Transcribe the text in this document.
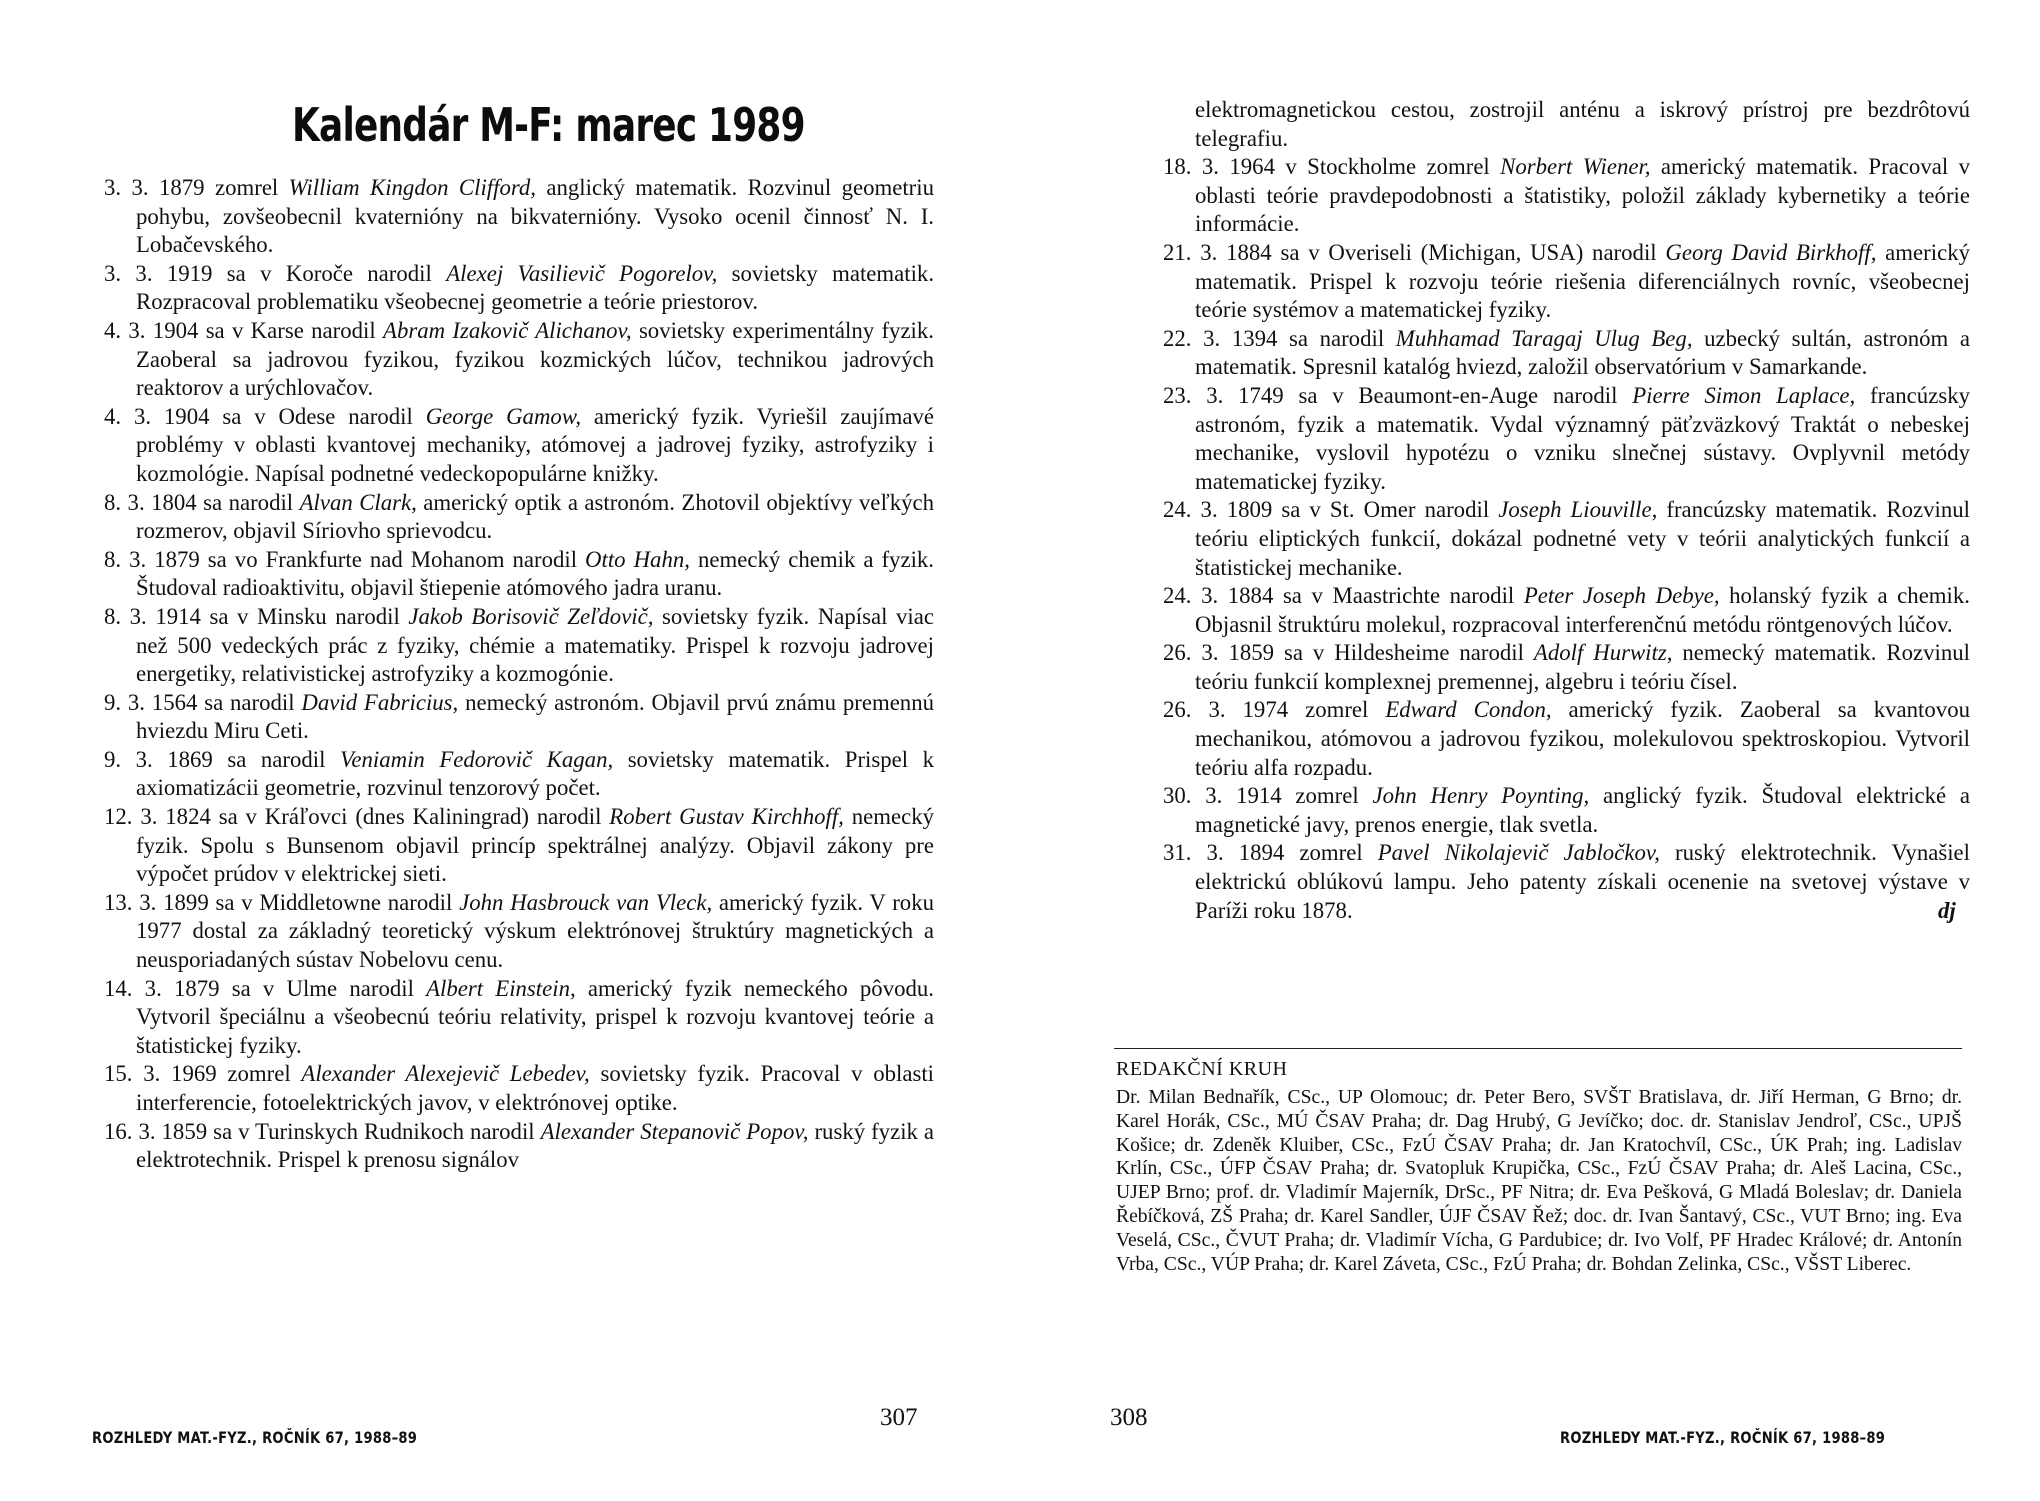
Kalendár M-F: marec 1989

3. 3. 1879 zomrel William Kingdon Clifford, anglický matematik. Rozvinul geometriu pohybu, zovšeobecnil kvaternióny na bikvaternióny. Vysoko ocenil činnosť N. I. Lobačevského.

3. 3. 1919 sa v Koroče narodil Alexej Vasilievič Pogorelov, sovietsky matematik. Rozpracoval problematiku všeobecnej geometrie a teórie priestorov.

4. 3. 1904 sa v Karse narodil Abram Izakovič Alichanov, sovietsky experimentálny fyzik. Zaoberal sa jadrovou fyzikou, fyzikou kozmických lúčov, technikou jadrových reaktorov a urýchlovačov.

4. 3. 1904 sa v Odese narodil George Gamow, americký fyzik. Vyriešil zaujímavé problémy v oblasti kvantovej mechaniky, atómovej a jadrovej fyziky, astrofyziky i kozmológie. Napísal podnetné vedeckopopulárne knižky.

8. 3. 1804 sa narodil Alvan Clark, americký optik a astronóm. Zhotovil objektívy veľkých rozmerov, objavil Síriovho sprievodcu.

8. 3. 1879 sa vo Frankfurte nad Mohanom narodil Otto Hahn, nemecký chemik a fyzik. Študoval radioaktivitu, objavil štiepenie atómového jadra uranu.

8. 3. 1914 sa v Minsku narodil Jakob Borisovič Zeľdovič, sovietsky fyzik. Napísal viac než 500 vedeckých prác z fyziky, chémie a matematiky. Prispel k rozvoju jadrovej energetiky, relativistickej astrofyziky a kozmogónie.

9. 3. 1564 sa narodil David Fabricius, nemecký astronóm. Objavil prvú známu premennú hviezdu Miru Ceti.

9. 3. 1869 sa narodil Veniamin Fedorovič Kagan, sovietsky matematik. Prispel k axiomatizácii geometrie, rozvinul tenzorový počet.

12. 3. 1824 sa v Kráľovci (dnes Kaliningrad) narodil Robert Gustav Kirchhoff, nemecký fyzik. Spolu s Bunsenom objavil princíp spektrálnej analýzy. Objavil zákony pre výpočet prúdov v elektrickej sieti.

13. 3. 1899 sa v Middletowne narodil John Hasbrouck van Vleck, americký fyzik. V roku 1977 dostal za základný teoretický výskum elektrónovej štruktúry magnetických a neusporiadaných sústav Nobelovu cenu.

14. 3. 1879 sa v Ulme narodil Albert Einstein, americký fyzik nemeckého pôvodu. Vytvoril špeciálnu a všeobecnú teóriu relativity, prispel k rozvoju kvantovej teórie a štatistickej fyziky.

15. 3. 1969 zomrel Alexander Alexejevič Lebedev, sovietsky fyzik. Pracoval v oblasti interferencie, fotoelektrických javov, v elektrónovej optike.

16. 3. 1859 sa v Turinskych Rudnikoch narodil Alexander Stepanovič Popov, ruský fyzik a elektrotechnik. Prispel k prenosu signálov

ROZHLEDY MAT.-FYZ., ROČNÍK 67, 1988–89
307

elektromagnetickou cestou, zostrojil anténu a iskrový prístroj pre bezdrôtovú telegrafiu.

18. 3. 1964 v Stockholme zomrel Norbert Wiener, americký matematik. Pracoval v oblasti teórie pravdepodobnosti a štatistiky, položil základy kybernetiky a teórie informácie.

21. 3. 1884 sa v Overiseli (Michigan, USA) narodil Georg David Birkhoff, americký matematik. Prispel k rozvoju teórie riešenia diferenciálnych rovníc, všeobecnej teórie systémov a matematickej fyziky.

22. 3. 1394 sa narodil Muhhamad Taragaj Ulug Beg, uzbecký sultán, astronóm a matematik. Spresnil katalóg hviezd, založil observatórium v Samarkande.

23. 3. 1749 sa v Beaumont-en-Auge narodil Pierre Simon Laplace, francúzsky astronóm, fyzik a matematik. Vydal významný päťzväzkový Traktát o nebeskej mechanike, vyslovil hypotézu o vzniku slnečnej sústavy. Ovplyvnil metódy matematickej fyziky.

24. 3. 1809 sa v St. Omer narodil Joseph Liouville, francúzsky matematik. Rozvinul teóriu eliptických funkcií, dokázal podnetné vety v teórii analytických funkcií a štatistickej mechanike.

24. 3. 1884 sa v Maastrichte narodil Peter Joseph Debye, holanský fyzik a chemik. Objasnil štruktúru molekul, rozpracoval interferenčnú metódu röntgenových lúčov.

26. 3. 1859 sa v Hildesheime narodil Adolf Hurwitz, nemecký matematik. Rozvinul teóriu funkcií komplexnej premennej, algebru i teóriu čísel.

26. 3. 1974 zomrel Edward Condon, americký fyzik. Zaoberal sa kvantovou mechanikou, atómovou a jadrovou fyzikou, molekulovou spektroskopiou. Vytvoril teóriu alfa rozpadu.

30. 3. 1914 zomrel John Henry Poynting, anglický fyzik. Študoval elektrické a magnetické javy, prenos energie, tlak svetla.

31. 3. 1894 zomrel Pavel Nikolajevič Jabločkov, ruský elektrotechnik. Vynašiel elektrickú oblúkovú lampu. Jeho patenty získali ocenenie na svetovej výstave v Paríži roku 1878.	dj

REDAKČNÍ KRUH
Dr. Milan Bednařík, CSc., UP Olomouc; dr. Peter Bero, SVŠT Bratislava, dr. Jiří Herman, G Brno; dr. Karel Horák, CSc., MÚ ČSAV Praha; dr. Dag Hrubý, G Jevíčko; doc. dr. Stanislav Jendroľ, CSc., UPJŠ Košice; dr. Zdeněk Kluiber, CSc., FzÚ ČSAV Praha; dr. Jan Kratochvíl, CSc., ÚK Prah; ing. Ladislav Krlín, CSc., ÚFP ČSAV Praha; dr. Svatopluk Krupička, CSc., FzÚ ČSAV Praha; dr. Aleš Lacina, CSc., UJEP Brno; prof. dr. Vladimír Majerník, DrSc., PF Nitra; dr. Eva Pešková, G Mladá Boleslav; dr. Daniela Řebíčková, ZŠ Praha; dr. Karel Sandler, ÚJF ČSAV Řež; doc. dr. Ivan Šantavý, CSc., VUT Brno; ing. Eva Veselá, CSc., ČVUT Praha; dr. Vladimír Vícha, G Pardubice; dr. Ivo Volf, PF Hradec Králové; dr. Antonín Vrba, CSc., VÚP Praha; dr. Karel Záveta, CSc., FzÚ Praha; dr. Bohdan Zelinka, CSc., VŠST Liberec.
308
ROZHLEDY MAT.-FYZ., ROČNÍK 67, 1988–89
